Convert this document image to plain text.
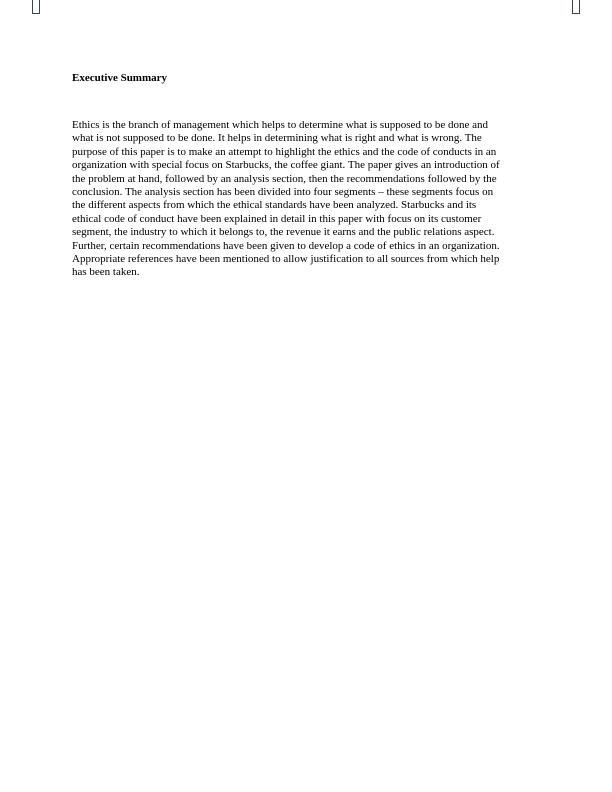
Executive Summary
Ethics is the branch of management which helps to determine what is supposed to be done and
what is not supposed to be done. It helps in determining what is right and what is wrong. The
purpose of this paper is to make an attempt to highlight the ethics and the code of conducts in an
organization with special focus on Starbucks, the coffee giant. The paper gives an introduction of
the problem at hand, followed by an analysis section, then the recommendations followed by the
conclusion. The analysis section has been divided into four segments – these segments focus on
the different aspects from which the ethical standards have been analyzed. Starbucks and its
ethical code of conduct have been explained in detail in this paper with focus on its customer
segment, the industry to which it belongs to, the revenue it earns and the public relations aspect.
Further, certain recommendations have been given to develop a code of ethics in an organization.
Appropriate references have been mentioned to allow justification to all sources from which help
has been taken.
